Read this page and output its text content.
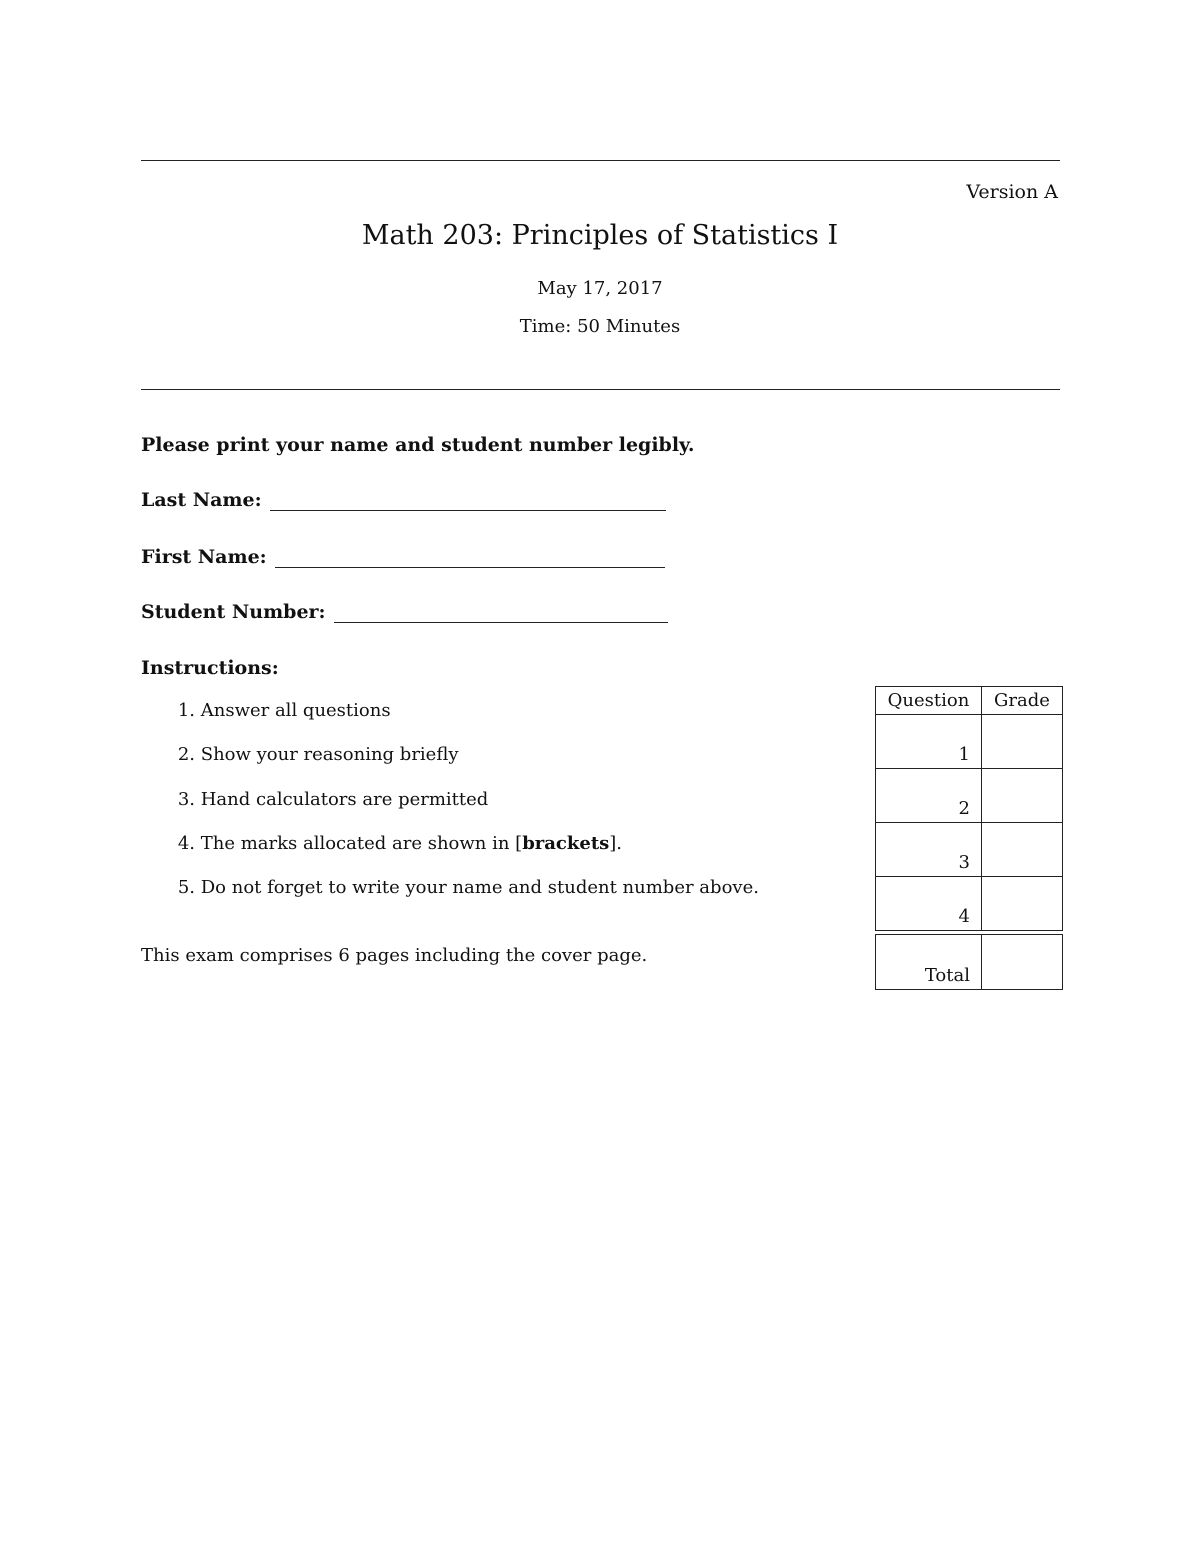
Version A
Math 203: Principles of Statistics I
May 17, 2017
Time: 50 Minutes
Please print your name and student number legibly.
Last Name:
First Name:
Student Number:
Instructions:
1. Answer all questions
2. Show your reasoning briefly
3. Hand calculators are permitted
4. The marks allocated are shown in [brackets].
5. Do not forget to write your name and student number above.
This exam comprises 6 pages including the cover page.
Question	Grade
1
2
3
4
Total
